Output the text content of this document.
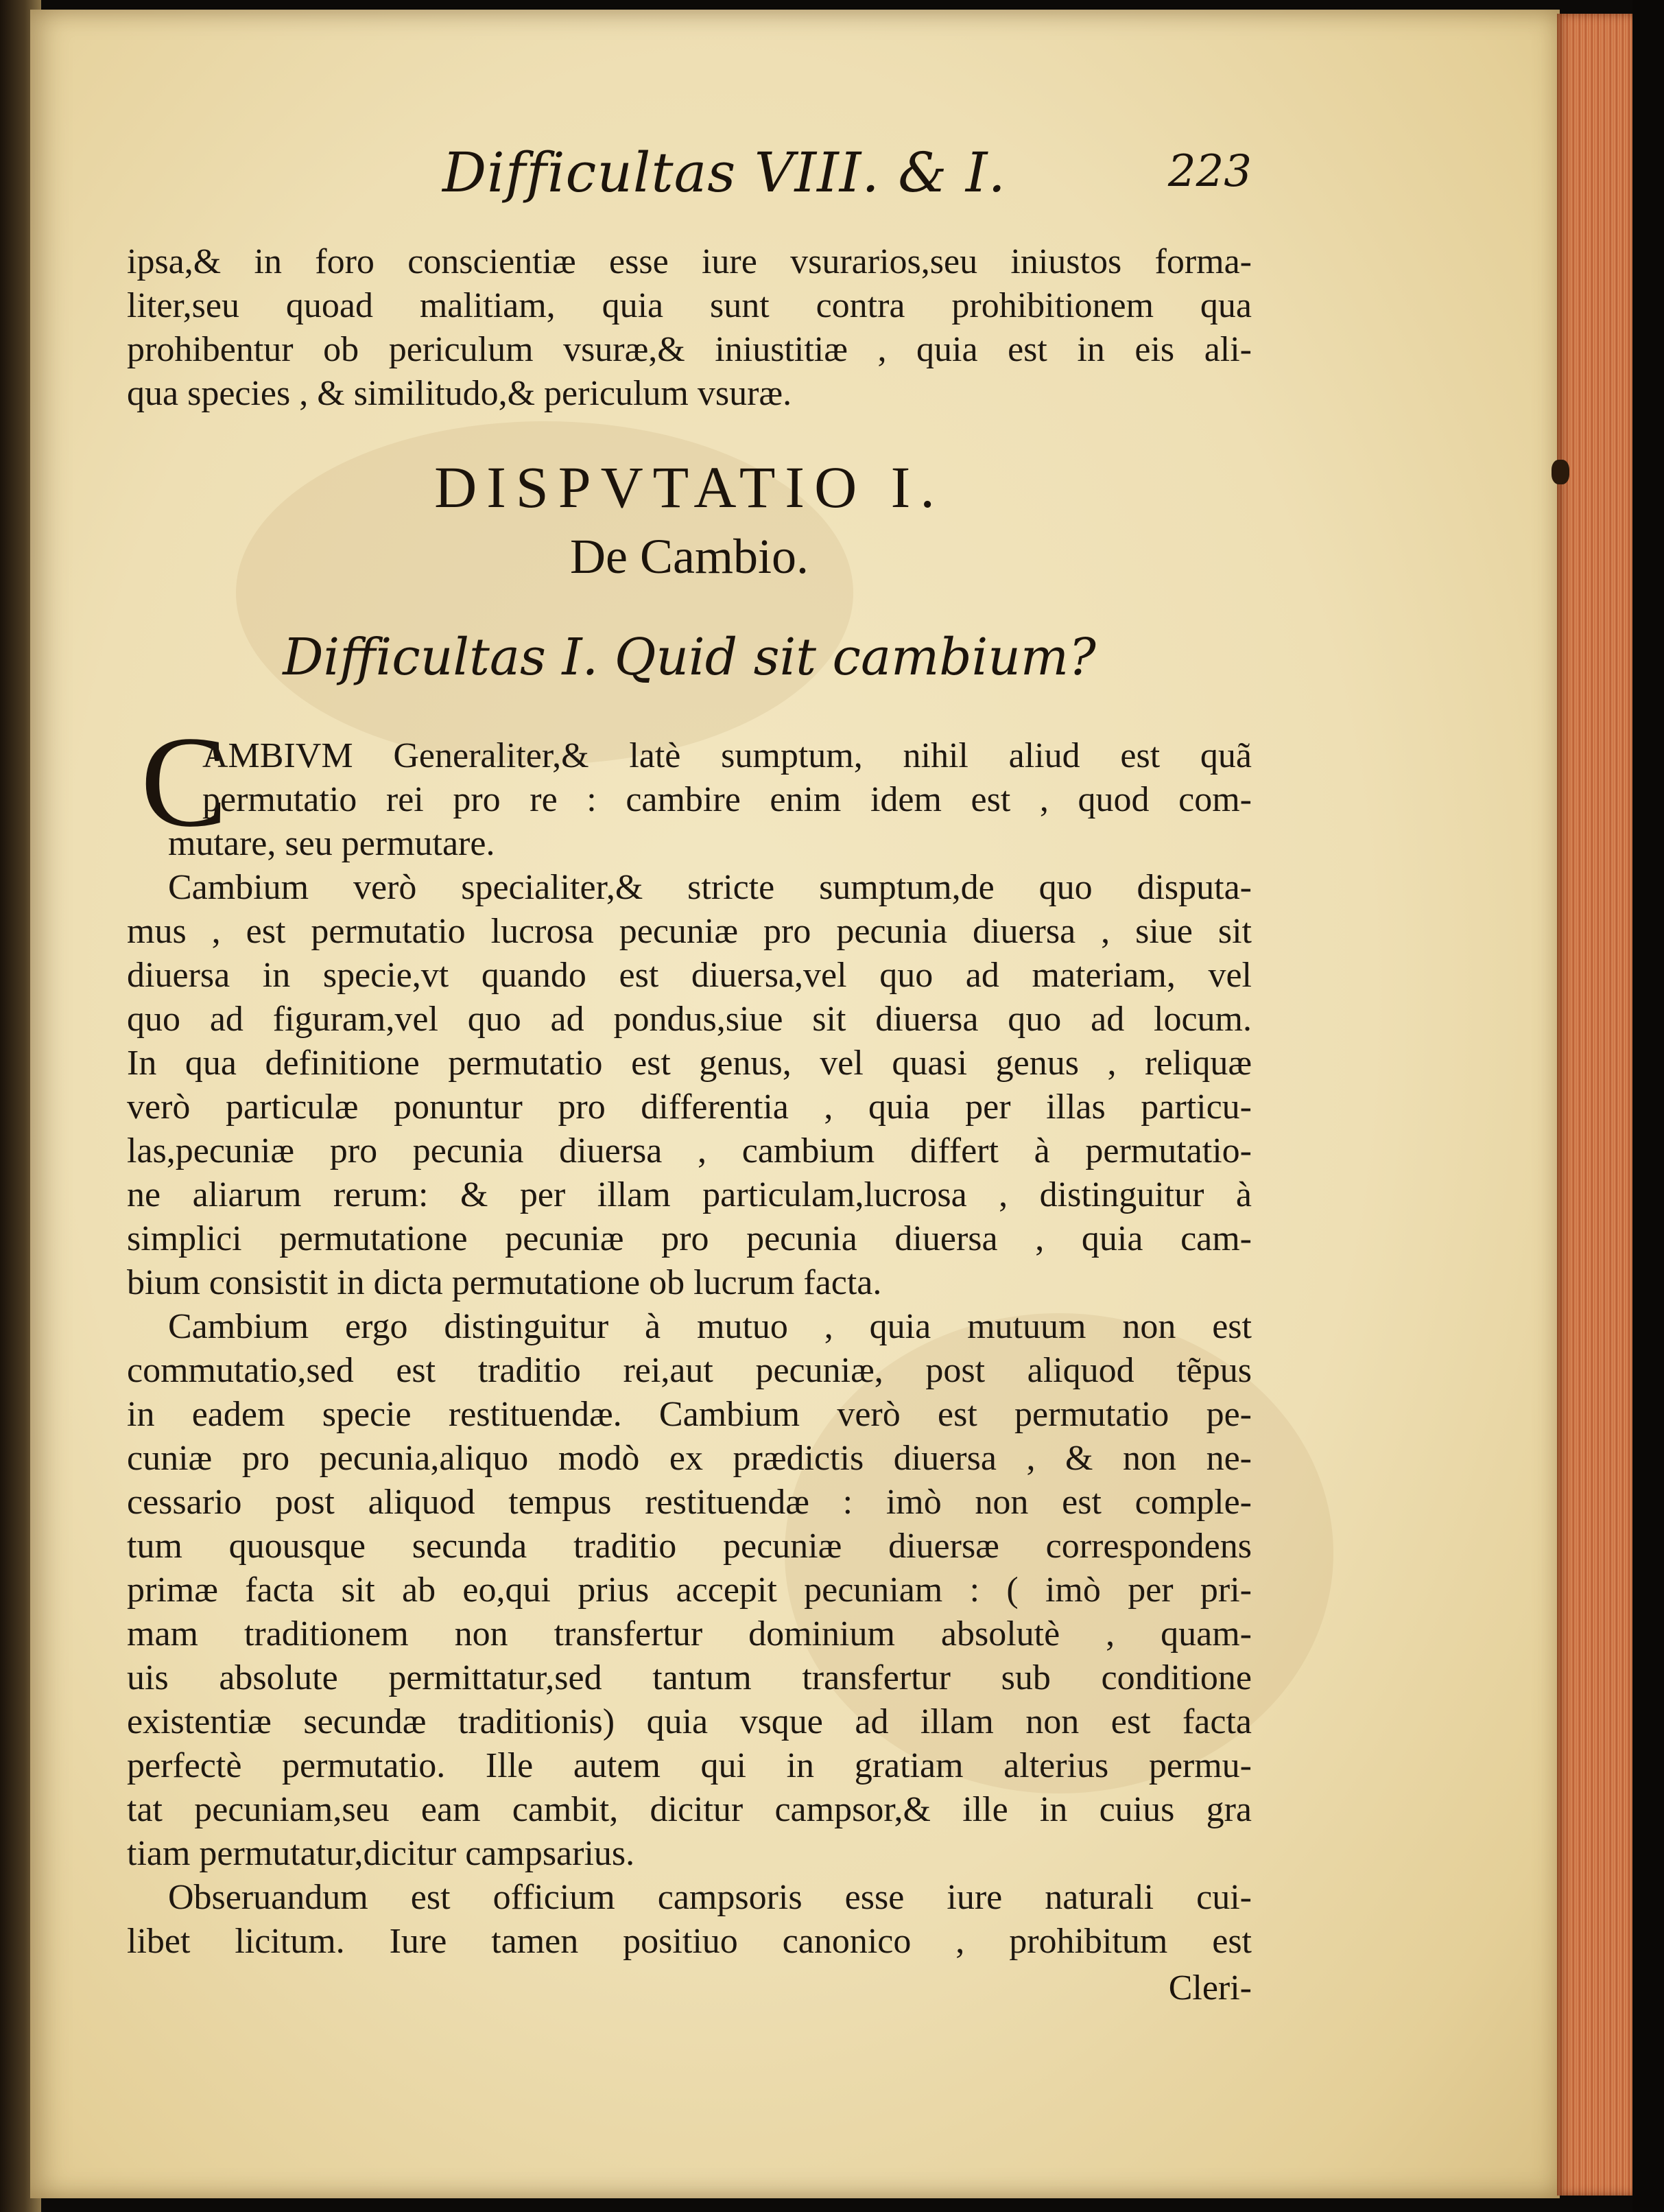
Difficultas VIII. & I.	223
ipsa,& in foro conscientiæ esse iure vsurarios,seu iniustos forma-
liter,seu quoad malitiam, quia sunt contra prohibitionem qua
prohibentur ob periculum vsuræ,& iniustitiæ , quia est in eis ali-
qua species , & similitudo,& periculum vsuræ.
DISPVTATIO I.
De Cambio.
Difficultas I. Quid sit cambium?
C
AMBIVM Generaliter,& latè sumptum, nihil aliud est quã
permutatio rei pro re : cambire enim idem est , quod com-
mutare, seu permutare.
Cambium verò specialiter,& stricte sumptum,de quo disputa-
mus , est permutatio lucrosa pecuniæ pro pecunia diuersa , siue sit
diuersa in specie,vt quando est diuersa,vel quo ad materiam, vel
quo ad figuram,vel quo ad pondus,siue sit diuersa quo ad locum.
In qua definitione permutatio est genus, vel quasi genus , reliquæ
verò particulæ ponuntur pro differentia , quia per illas particu-
las,pecuniæ pro pecunia diuersa , cambium differt à permutatio-
ne aliarum rerum: & per illam particulam,lucrosa , distinguitur à
simplici permutatione pecuniæ pro pecunia diuersa , quia cam-
bium consistit in dicta permutatione ob lucrum facta.
Cambium ergo distinguitur à mutuo , quia mutuum non est
commutatio,sed est traditio rei,aut pecuniæ, post aliquod tẽpus
in eadem specie restituendæ. Cambium verò est permutatio pe-
cuniæ pro pecunia,aliquo modò ex prædictis diuersa , & non ne-
cessario post aliquod tempus restituendæ : imò non est comple-
tum quousque secunda traditio pecuniæ diuersæ correspondens
primæ facta sit ab eo,qui prius accepit pecuniam : ( imò per pri-
mam traditionem non transfertur dominium absolutè , quam-
uis absolute permittatur,sed tantum transfertur sub conditione
existentiæ secundæ traditionis) quia vsque ad illam non est facta
perfectè permutatio. Ille autem qui in gratiam alterius permu-
tat pecuniam,seu eam cambit, dicitur campsor,& ille in cuius gra
tiam permutatur,dicitur campsarius.
Obseruandum est officium campsoris esse iure naturali cui-
libet licitum. Iure tamen positiuo canonico , prohibitum est
Cleri-
